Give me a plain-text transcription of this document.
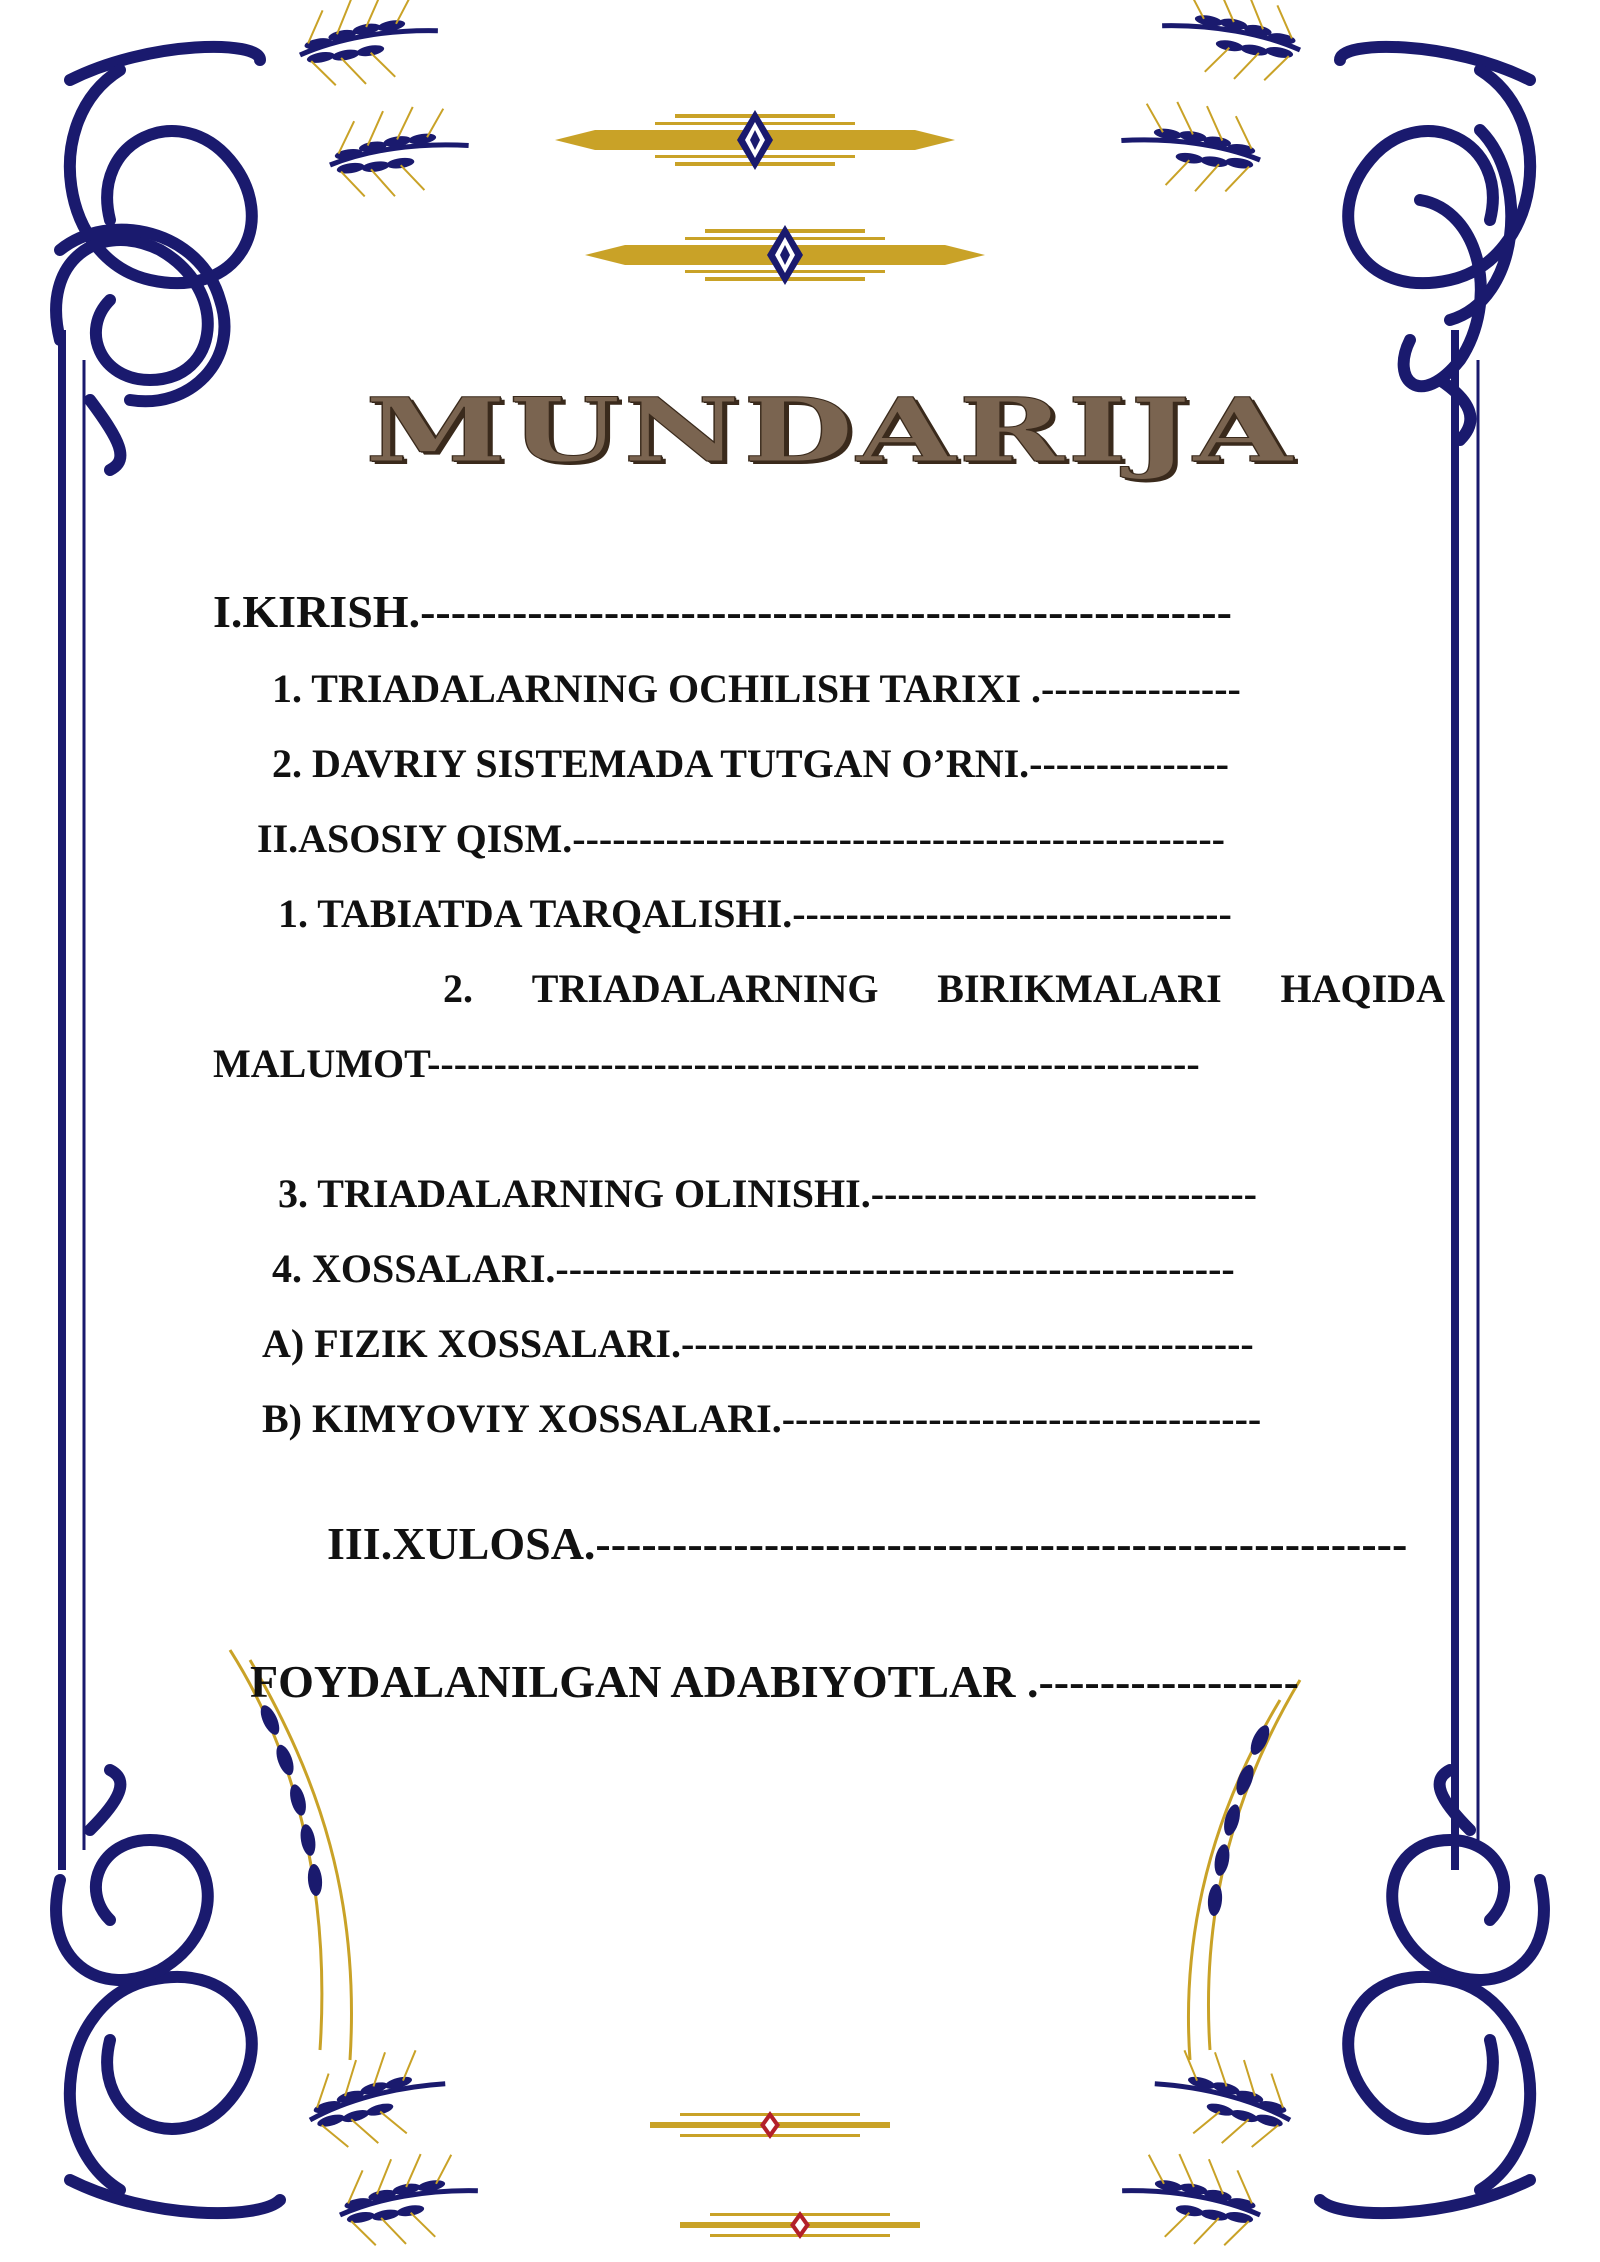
MUNDARIJA
I.KIRISH.-----------------------------------------------------
1. TRIADALARNING OCHILISH TARIXI .---------------
2. DAVRIY SISTEMADA TUTGAN O’RNI.---------------
II.ASOSIY QISM.-------------------------------------------------
1. TABIATDA TARQALISHI.---------------------------------
2. TRIADALARNING BIRIKMALARI HAQIDA
MALUMOT----------------------------------------------------------
3. TRIADALARNING OLINISHI.-----------------------------
4. XOSSALARI.---------------------------------------------------
A) FIZIK XOSSALARI.-------------------------------------------
B) KIMYOVIY XOSSALARI.------------------------------------
III.XULOSA.-----------------------------------------------------
FOYDALANILGAN ADABIYOTLAR .-----------------
